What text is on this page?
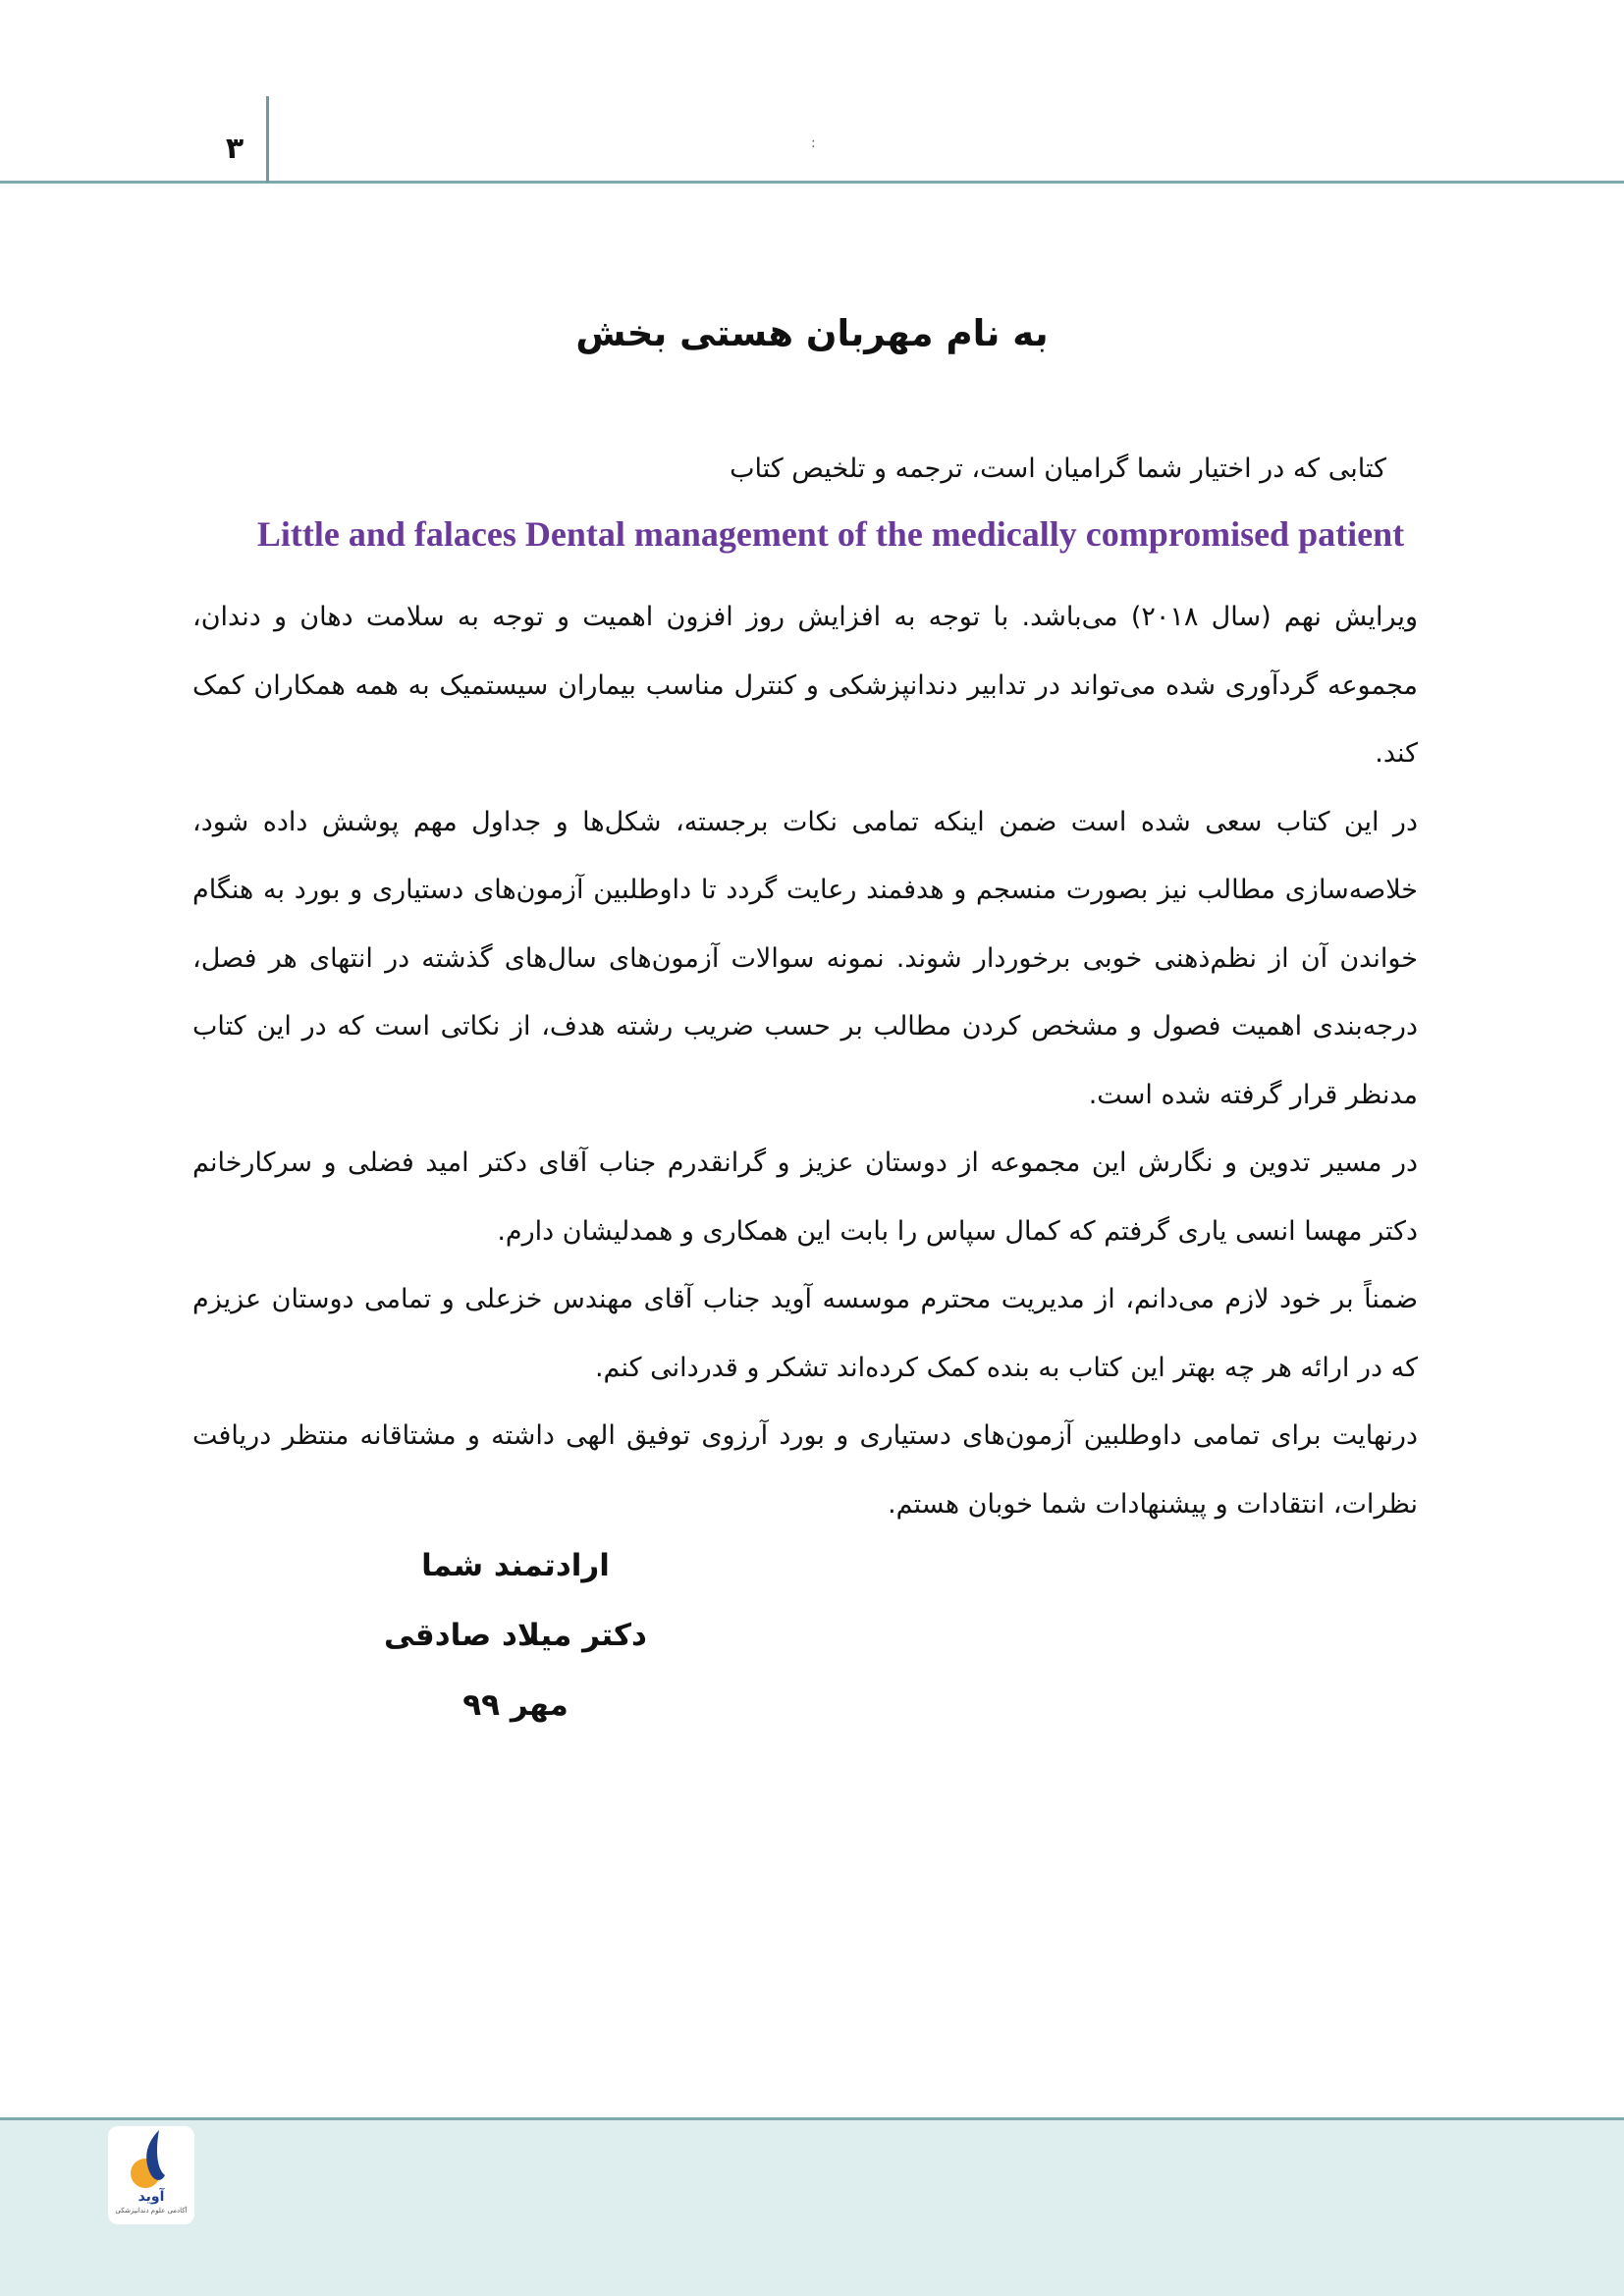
۳	:
به نام مهربان هستی بخش
کتابی که در اختیار شما گرامیان است، ترجمه و تلخیص کتاب
Little and falaces Dental management of the medically compromised patient

ویرایش نهم (سال ۲۰۱۸) می‌باشد. با توجه به افزایش روز افزون اهمیت و توجه به سلامت دهان و دندان، مجموعه گردآوری شده می‌تواند در تدابیر دندانپزشکی و کنترل مناسب بیماران سیستمیک به همه همکاران کمک کند.

در این کتاب سعی شده است ضمن اینکه تمامی نکات برجسته، شکل‌ها و جداول مهم پوشش داده شود، خلاصه‌سازی مطالب نیز بصورت منسجم و هدفمند رعایت گردد تا داوطلبین آزمون‌های دستیاری و بورد به هنگام خواندن آن از نظم‌ذهنی خوبی برخوردار شوند. نمونه سوالات آزمون‌های سال‌های گذشته در انتهای هر فصل، درجه‌بندی اهمیت فصول و مشخص کردن مطالب بر حسب ضریب رشته هدف، از نکاتی است که در این کتاب مدنظر قرار گرفته شده است.

در مسیر تدوین و نگارش این مجموعه از دوستان عزیز و گرانقدرم جناب آقای دکتر امید فضلی و سرکارخانم دکتر مهسا انسی یاری گرفتم که کمال سپاس را بابت این همکاری و همدلیشان دارم.

ضمناً بر خود لازم می‌دانم، از مدیریت محترم موسسه آوید جناب آقای مهندس خزعلی و تمامی دوستان عزیزم که در ارائه هر چه بهتر این کتاب به بنده کمک کرده‌اند تشکر و قدردانی کنم.

درنهایت برای تمامی داوطلبین آزمون‌های دستیاری و بورد آرزوی توفیق الهی داشته و مشتاقانه منتظر دریافت نظرات، انتقادات و پیشنهادات شما خوبان هستم.

ارادتمند شما
دکتر میلاد صادقی
مهر ۹۹
آوید
آکادمی علوم دندانپزشکی
